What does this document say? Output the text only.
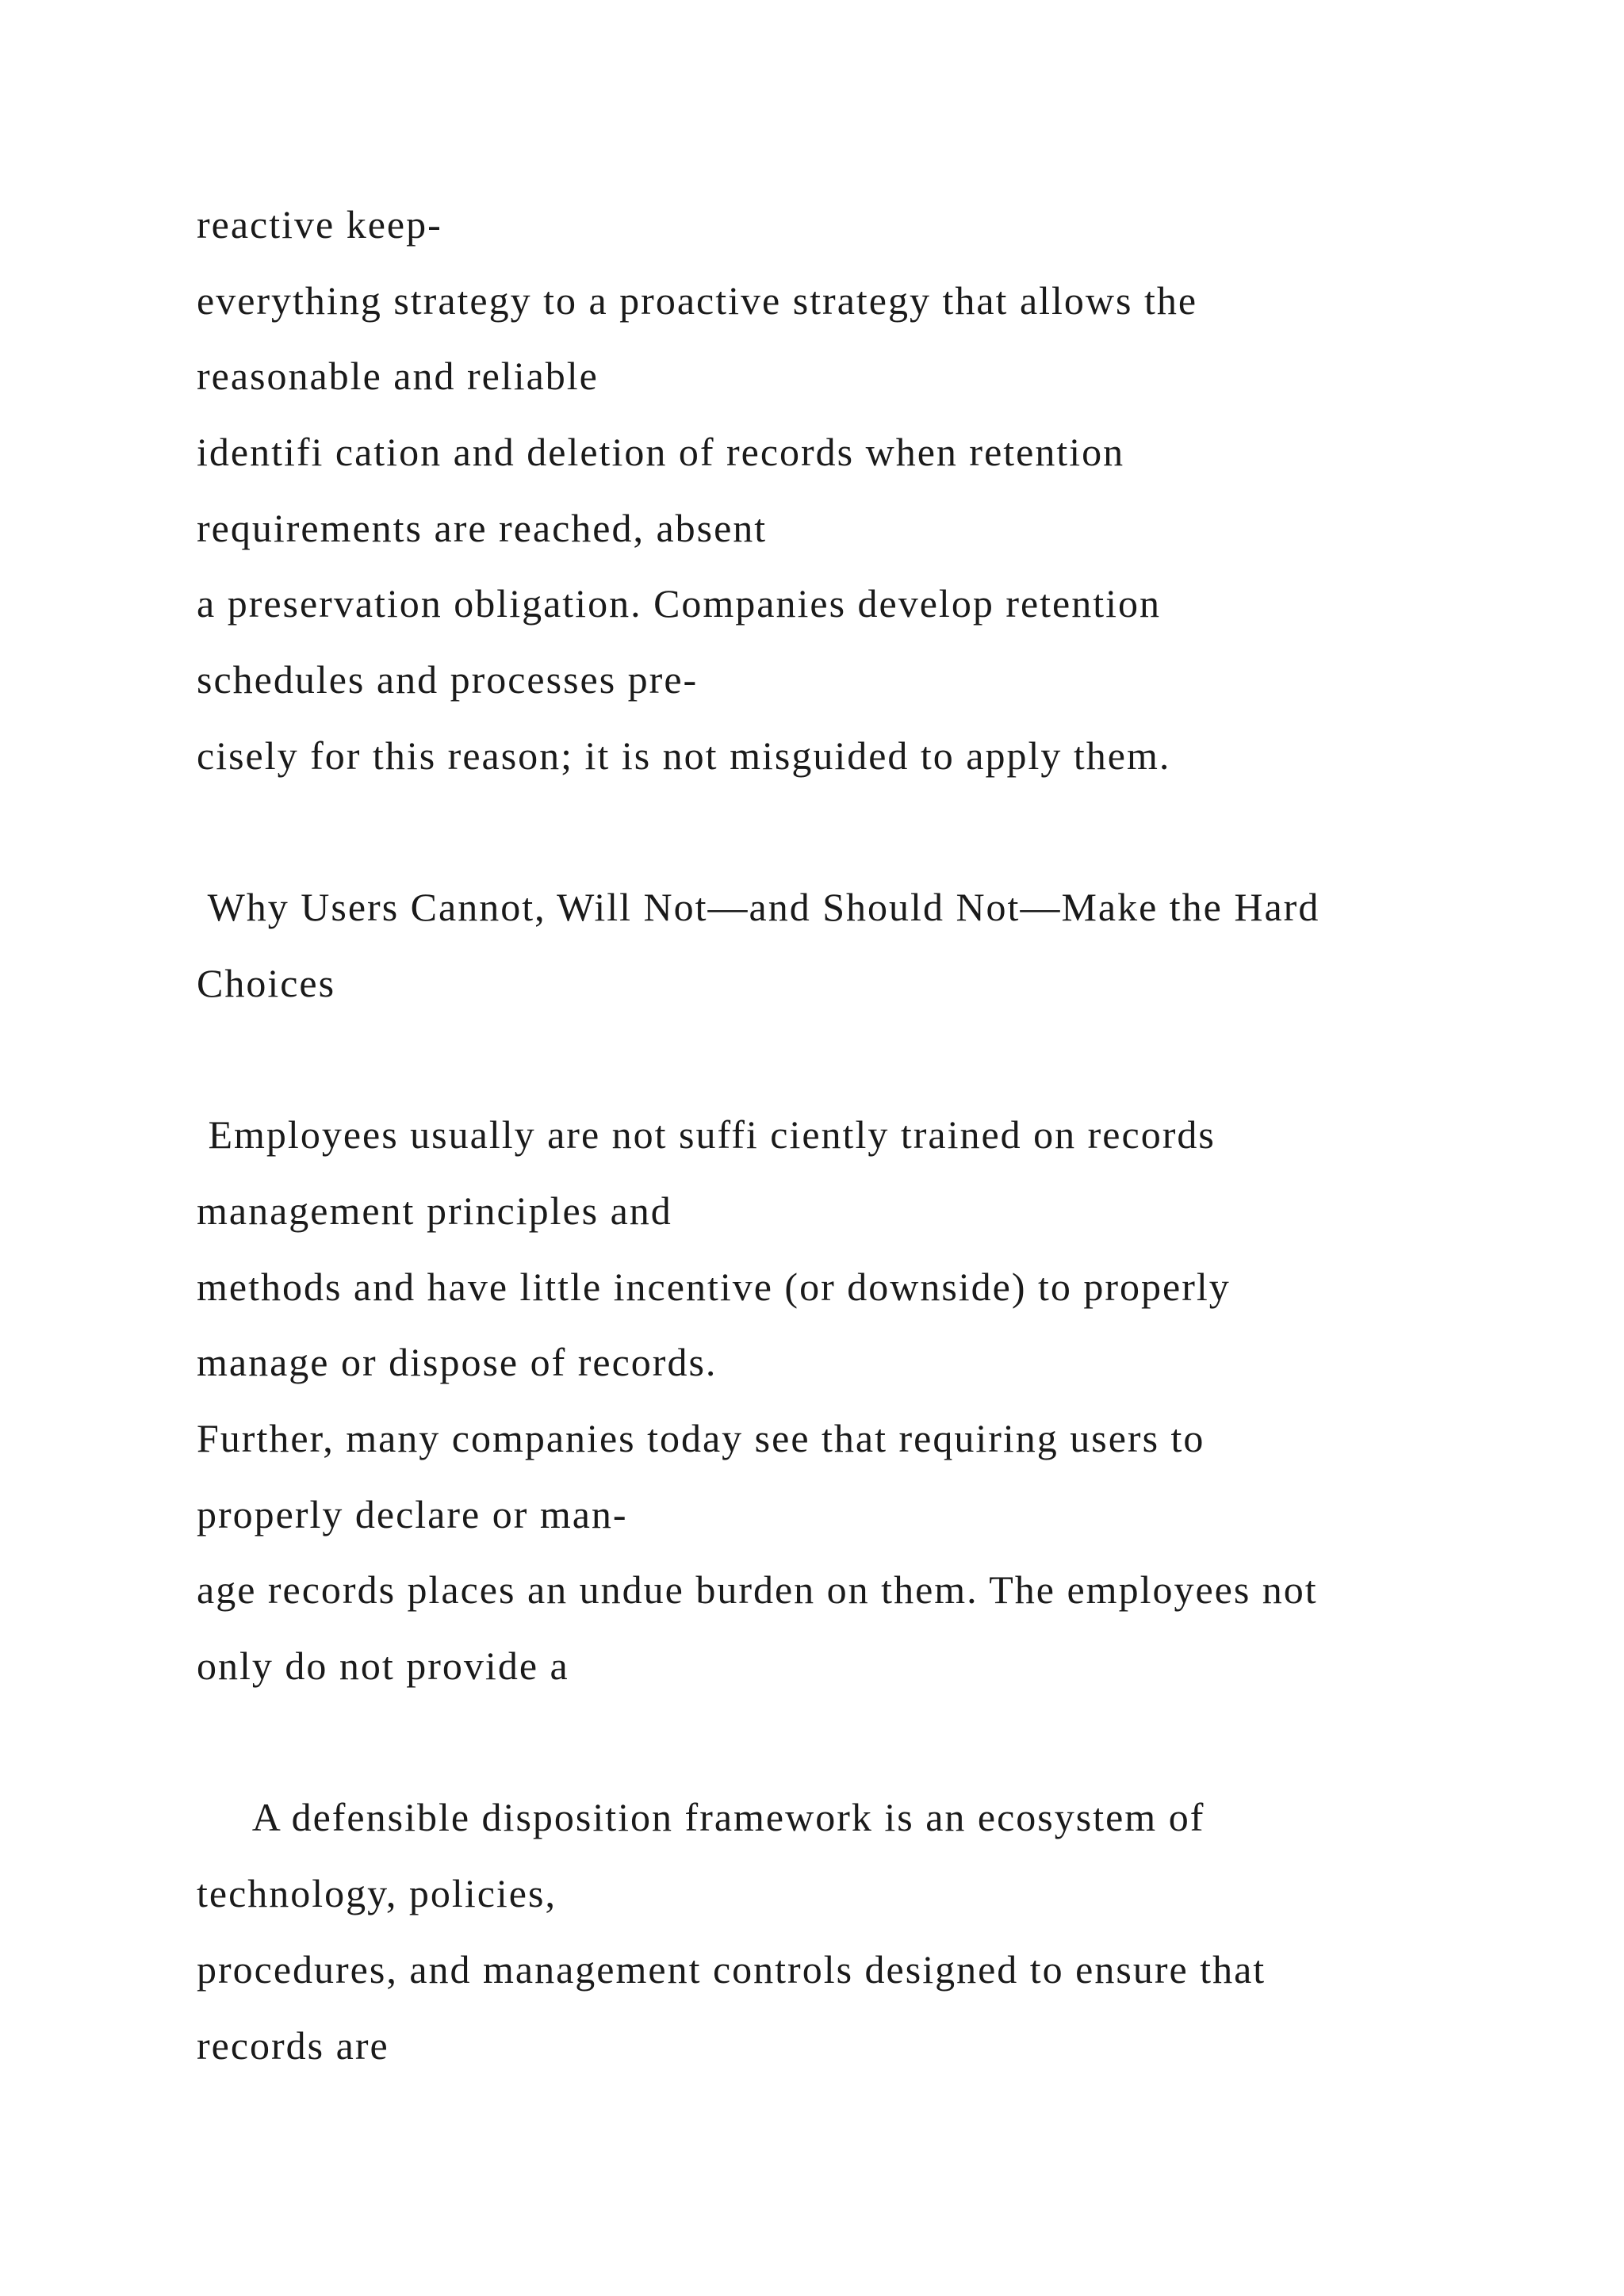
reactive keep-
everything strategy to a proactive strategy that allows the
reasonable and reliable
identifi cation and deletion of records when retention
requirements are reached, absent
a preservation obligation. Companies develop retention
schedules and processes pre-
cisely for this reason; it is not misguided to apply them.
Why Users Cannot, Will Not—and Should Not—Make the Hard
Choices
Employees usually are not suffi ciently trained on records
management principles and
methods and have little incentive (or downside) to properly
manage or dispose of records.
Further, many companies today see that requiring users to
properly declare or man-
age records places an undue burden on them. The employees not
only do not provide a
A defensible disposition framework is an ecosystem of
technology, policies,
procedures, and management controls designed to ensure that
records are
